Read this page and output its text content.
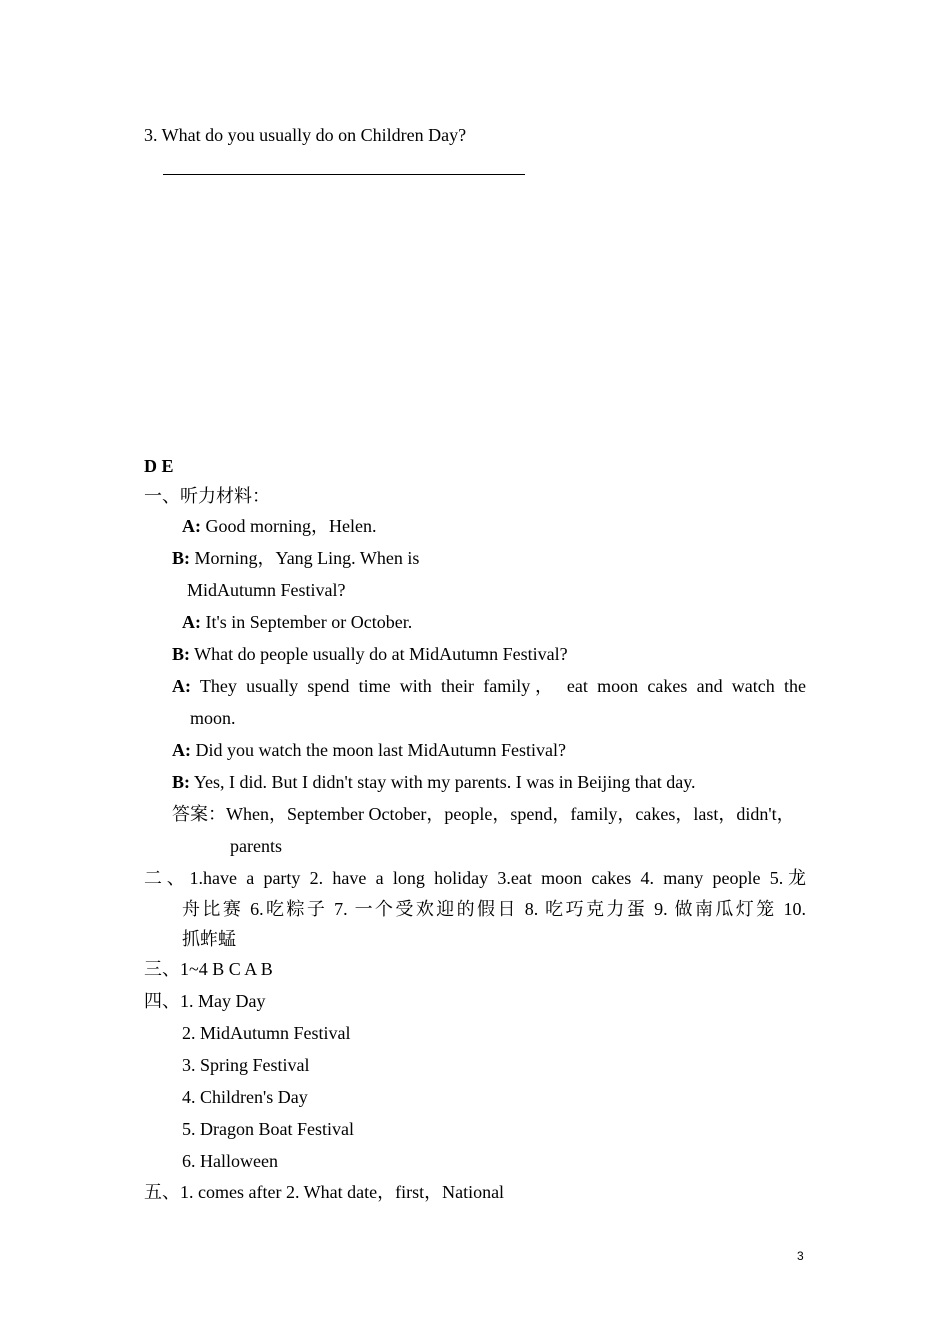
3. What do you usually do on Children Day?
D E
一、听力材料：
A: Good morning，Helen.
B: Morning，Yang Ling. When is
MidAutumn Festival?
A: It's in September or October.
B: What do people usually do at MidAutumn Festival?
A: They usually spend time with their family， eat moon cakes and watch the
moon.
A: Did you watch the moon last MidAutumn Festival?
B: Yes, I did. But I didn't stay with my parents. I was in Beijing that day.
答案：When，September October，people，spend，family，cakes，last，didn't，
parents
二、1.have a party 2. have a long holiday 3.eat moon cakes 4. many people 5.龙
舟比赛 6.吃粽子 7. 一个受欢迎的假日 8. 吃巧克力蛋 9. 做南瓜灯笼 10.
抓蚱蜢
三、1~4 B C A B
四、1. May Day
2. MidAutumn Festival
3. Spring Festival
4. Children's Day
5. Dragon Boat Festival
6. Halloween
五、1. comes after 2. What date，first，National
3
